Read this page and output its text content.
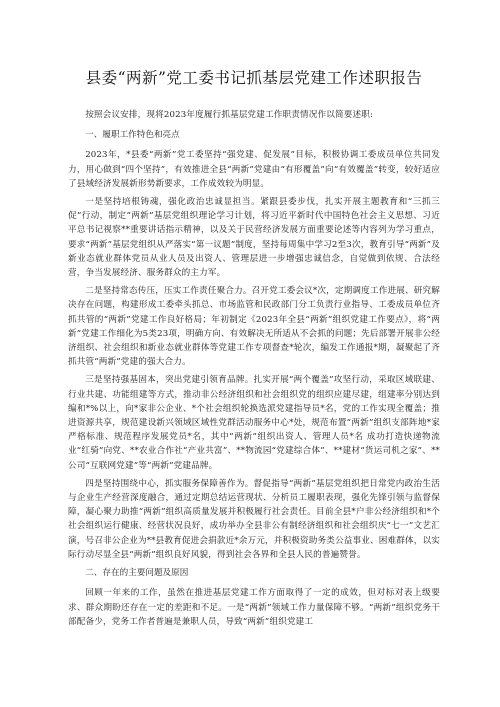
县委“两新”党工委书记抓基层党建工作述职报告

按照会议安排，现将2023年度履行抓基层党建工作职责情况作以简要述职:

一、履职工作特色和亮点

2023年，*县委“两新”党工委坚持“强党建、促发展”目标，积极协调工委成员单位共同发力，用心做到“四个坚持”，有效推进全县“两新”党建由“有形覆盖”向“有效覆盖”转变，较好适应了县域经济发展新形势新要求，工作成效较为明显。

一是坚持培根铸魂，强化政治忠诚显担当。紧跟县委步伐，扎实开展主题教育和“三抓三促”行动，制定“两新”基层党组织理论学习计划，将习近平新时代中国特色社会主义思想、习近平总书记视察**重要讲话指示精神，以及关于民营经济发展方面重要论述等内容列为学习重点，要求“两新”基层党组织从严落实“第一议题”制度，坚持每周集中学习2至3次，教育引导“两新”及新业态就业群体党员从业人员及出资人、管理层进一步增强忠诚信念，自觉做到依规、合法经营，争当发展经济、服务群众的主力军。

二是坚持常态传压，压实工作责任聚合力。召开党工委会议*次，定期调度工作进展、研究解决存在问题，构建形成工委牵头抓总、市场监管和民政部门分工负责行业指导、工委成员单位齐抓共管的“两新”党建工作良好格局；年初制定《2023年全县“两新”组织党建工作要点》，将“两新”党建工作细化为5类23项，明确方向、有效解决无所适从不会抓的问题；先后部署开展非公经济组织、社会组织和新业态就业群体等党建工作专项督查*轮次，编发工作通报*期，凝聚起了齐抓共管“两新”党建的强大合力。

三是坚持强基固本，突出党建引领育品牌。扎实开展“两个覆盖”攻坚行动，采取区域联建、行业共建、功能组建等方式，推动非公经济组织和社会组织党的组织应建尽建，组建率分别达到编和*%以上，向*家非公企业、*个社会组织轮换选派党建指导员*名，党的工作实现全覆盖；推进资源共享，规范建设新兴领域区域性党群活动服务中心*处，规范布置“两新”组织支部阵地*家 严格标准、规范程序发展党员*名，其中“两新”组织出资人、管理人员*名 成功打造快递物流业“红骑”向党、**农业合作社“产业共富”、**物流园“党建综合体”、**建材“货运司机之家”、**公司“互联网党建”等“两新”党建品牌。

四是坚持围绕中心，抓实服务保障善作为。督促指导“两新”基层党组织把日常党内政治生活与企业生产经营深度融合，通过定期总结运营现状、分析员工履职表现，强化先锋引领与监督保障，凝心聚力助推“两新”组织高质量发展并积极履行社会责任。目前全县*户非公经济组织和*个社会组织运行健康、经营状况良好，成功举办全县非公有制经济组织和社会组织庆“七一”文艺汇演，号召非公企业为**县教育促进会捐款近*余万元，并积极资助务类公益事业、困难群体，以实际行动尽显全县“两新”组织良好风貌，得到社会各界和全县人民的普遍赞誉。

二、存在的主要问题及原因

回顾一年来的工作，虽然在推进基层党建工作方面取得了一定的成效，但对标对表上级要求、群众期盼还存在一定的差距和不足。一是“两新”领域工作力量保障不够。“两新”组织党务干部配备少，党务工作者普遍是兼职人员，导致“两新”组织党建工
